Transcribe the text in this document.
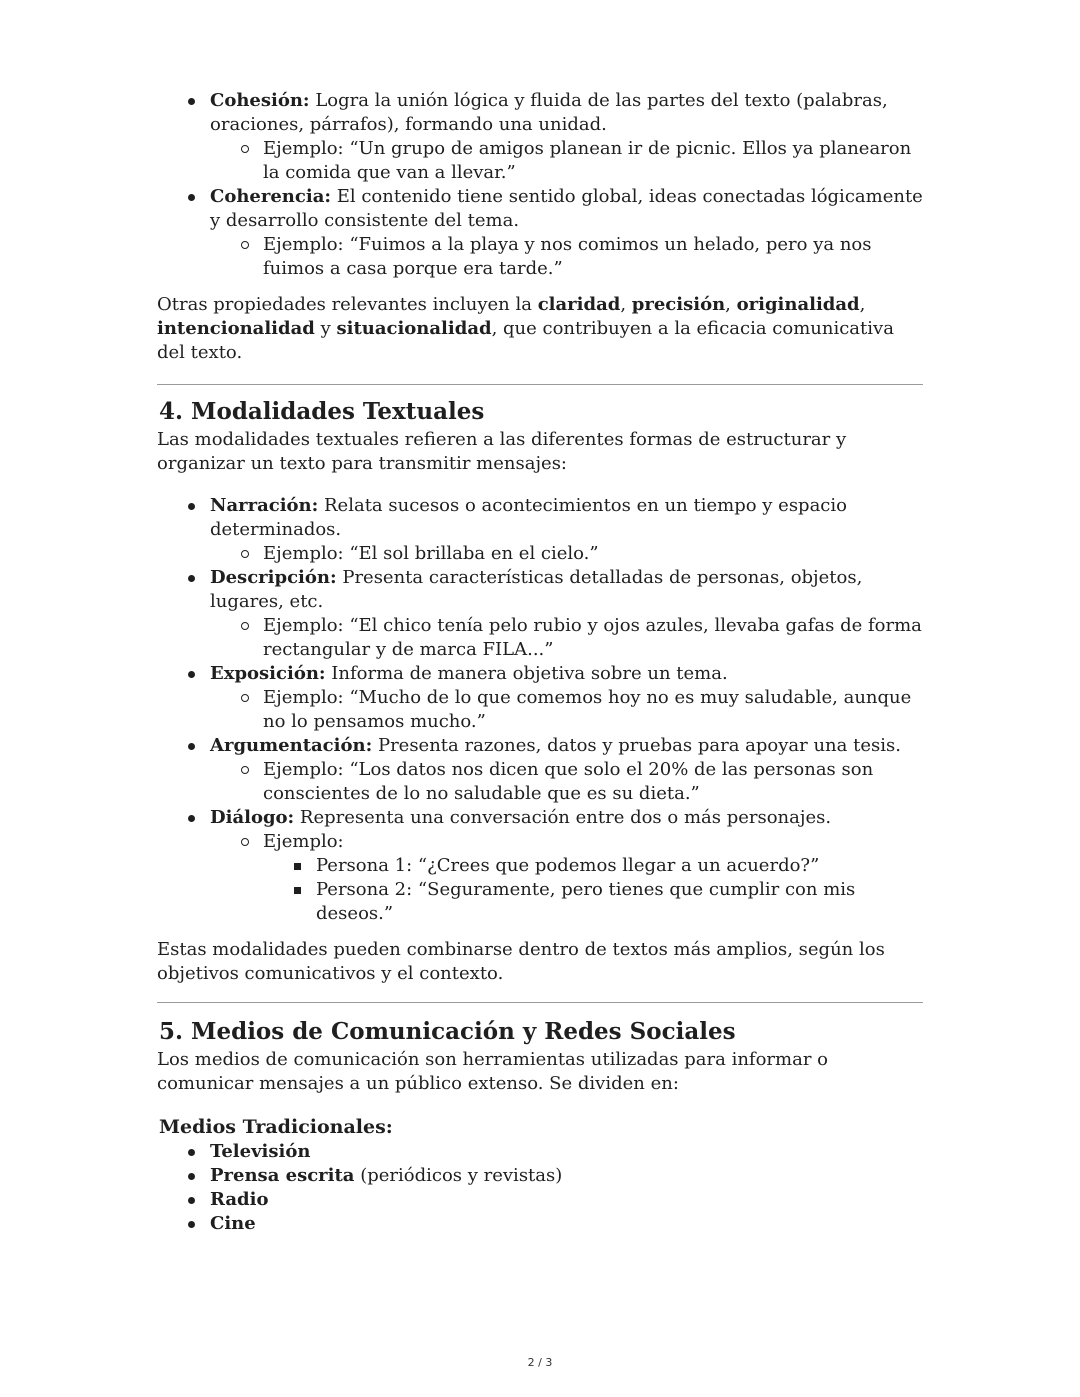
Cohesión: Logra la unión lógica y fluida de las partes del texto (palabras, oraciones, párrafos), formando una unidad.
Ejemplo: “Un grupo de amigos planean ir de picnic. Ellos ya planearon la comida que van a llevar.”
Coherencia: El contenido tiene sentido global, ideas conectadas lógicamente y desarrollo consistente del tema.
Ejemplo: “Fuimos a la playa y nos comimos un helado, pero ya nos fuimos a casa porque era tarde.”

Otras propiedades relevantes incluyen la claridad, precisión, originalidad, intencionalidad y situacionalidad, que contribuyen a la eficacia comunicativa del texto.

4. Modalidades Textuales

Las modalidades textuales refieren a las diferentes formas de estructurar y organizar un texto para transmitir mensajes:

Narración: Relata sucesos o acontecimientos en un tiempo y espacio determinados.
Ejemplo: “El sol brillaba en el cielo.”
Descripción: Presenta características detalladas de personas, objetos, lugares, etc.
Ejemplo: “El chico tenía pelo rubio y ojos azules, llevaba gafas de forma rectangular y de marca FILA...”
Exposición: Informa de manera objetiva sobre un tema.
Ejemplo: “Mucho de lo que comemos hoy no es muy saludable, aunque no lo pensamos mucho.”
Argumentación: Presenta razones, datos y pruebas para apoyar una tesis.
Ejemplo: “Los datos nos dicen que solo el 20% de las personas son conscientes de lo no saludable que es su dieta.”
Diálogo: Representa una conversación entre dos o más personajes.
Ejemplo:
Persona 1: “¿Crees que podemos llegar a un acuerdo?”
Persona 2: “Seguramente, pero tienes que cumplir con mis deseos.”

Estas modalidades pueden combinarse dentro de textos más amplios, según los objetivos comunicativos y el contexto.

5. Medios de Comunicación y Redes Sociales

Los medios de comunicación son herramientas utilizadas para informar o comunicar mensajes a un público extenso. Se dividen en:

Medios Tradicionales:
Televisión
Prensa escrita (periódicos y revistas)
Radio
Cine
2 / 3
